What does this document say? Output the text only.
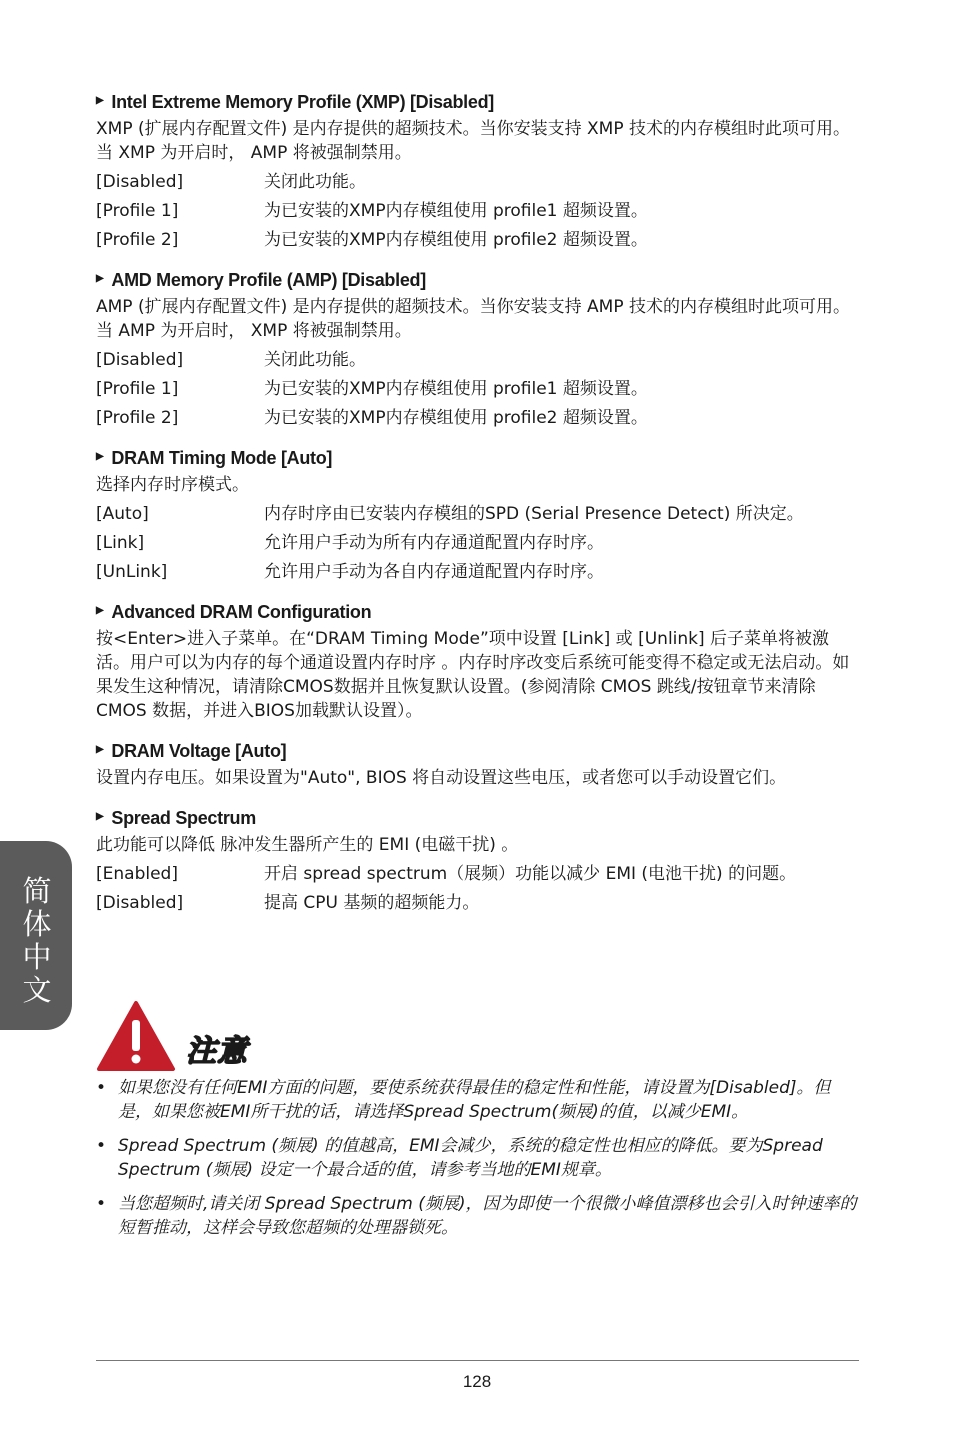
简体中文
▶ Intel Extreme Memory Profile (XMP) [Disabled]

XMP (扩展内存配置文件) 是内存提供的超频技术。当你安装支持 XMP 技术的内存模组时此项可用。当 XMP 为开启时， AMP 将被强制禁用。

[Disabled]	关闭此功能。
[Profile 1]	为已安装的XMP内存模组使用 profile1 超频设置。
[Profile 2]	为已安装的XMP内存模组使用 profile2 超频设置。
▶ AMD Memory Profile (AMP) [Disabled]

AMP (扩展内存配置文件) 是内存提供的超频技术。当你安装支持 AMP 技术的内存模组时此项可用。当 AMP 为开启时， XMP 将被强制禁用。

[Disabled]	关闭此功能。
[Profile 1]	为已安装的XMP内存模组使用 profile1 超频设置。
[Profile 2]	为已安装的XMP内存模组使用 profile2 超频设置。
▶ DRAM Timing Mode [Auto]

选择内存时序模式。

[Auto]	内存时序由已安装内存模组的SPD (Serial Presence Detect) 所决定。
[Link]	允许用户手动为所有内存通道配置内存时序。
[UnLink]	允许用户手动为各自内存通道配置内存时序。
▶ Advanced DRAM Configuration

按<Enter>进入子菜单。在“DRAM Timing Mode”项中设置 [Link] 或 [Unlink] 后子菜单将被激活。用户可以为内存的每个通道设置内存时序 。内存时序改变后系统可能变得不稳定或无法启动。如果发生这种情况，请清除CMOS数据并且恢复默认设置。(参阅清除 CMOS 跳线/按钮章节来清除CMOS 数据，并进入BIOS加载默认设置）。

▶ DRAM Voltage [Auto]

设置内存电压。如果设置为"Auto", BIOS 将自动设置这些电压，或者您可以手动设置它们。

▶ Spread Spectrum

此功能可以降低 脉冲发生器所产生的 EMI (电磁干扰) 。

[Enabled]	开启 spread spectrum（展频）功能以减少 EMI (电池干扰) 的问题。
[Disabled]	提高 CPU 基频的超频能力。
注意
• 如果您没有任何EMI方面的问题，要使系统获得最佳的稳定性和性能，请设置为[Disabled]。但是，如果您被EMI所干扰的话，请选择Spread Spectrum(频展)的值，以减少EMI。
• Spread Spectrum (频展) 的值越高，EMI会减少，系统的稳定性也相应的降低。要为Spread Spectrum (频展) 设定一个最合适的值，请参考当地的EMI规章。
• 当您超频时,请关闭 Spread Spectrum (频展)，因为即使一个很微小峰值漂移也会引入时钟速率的短暂推动，这样会导致您超频的处理器锁死。
128
